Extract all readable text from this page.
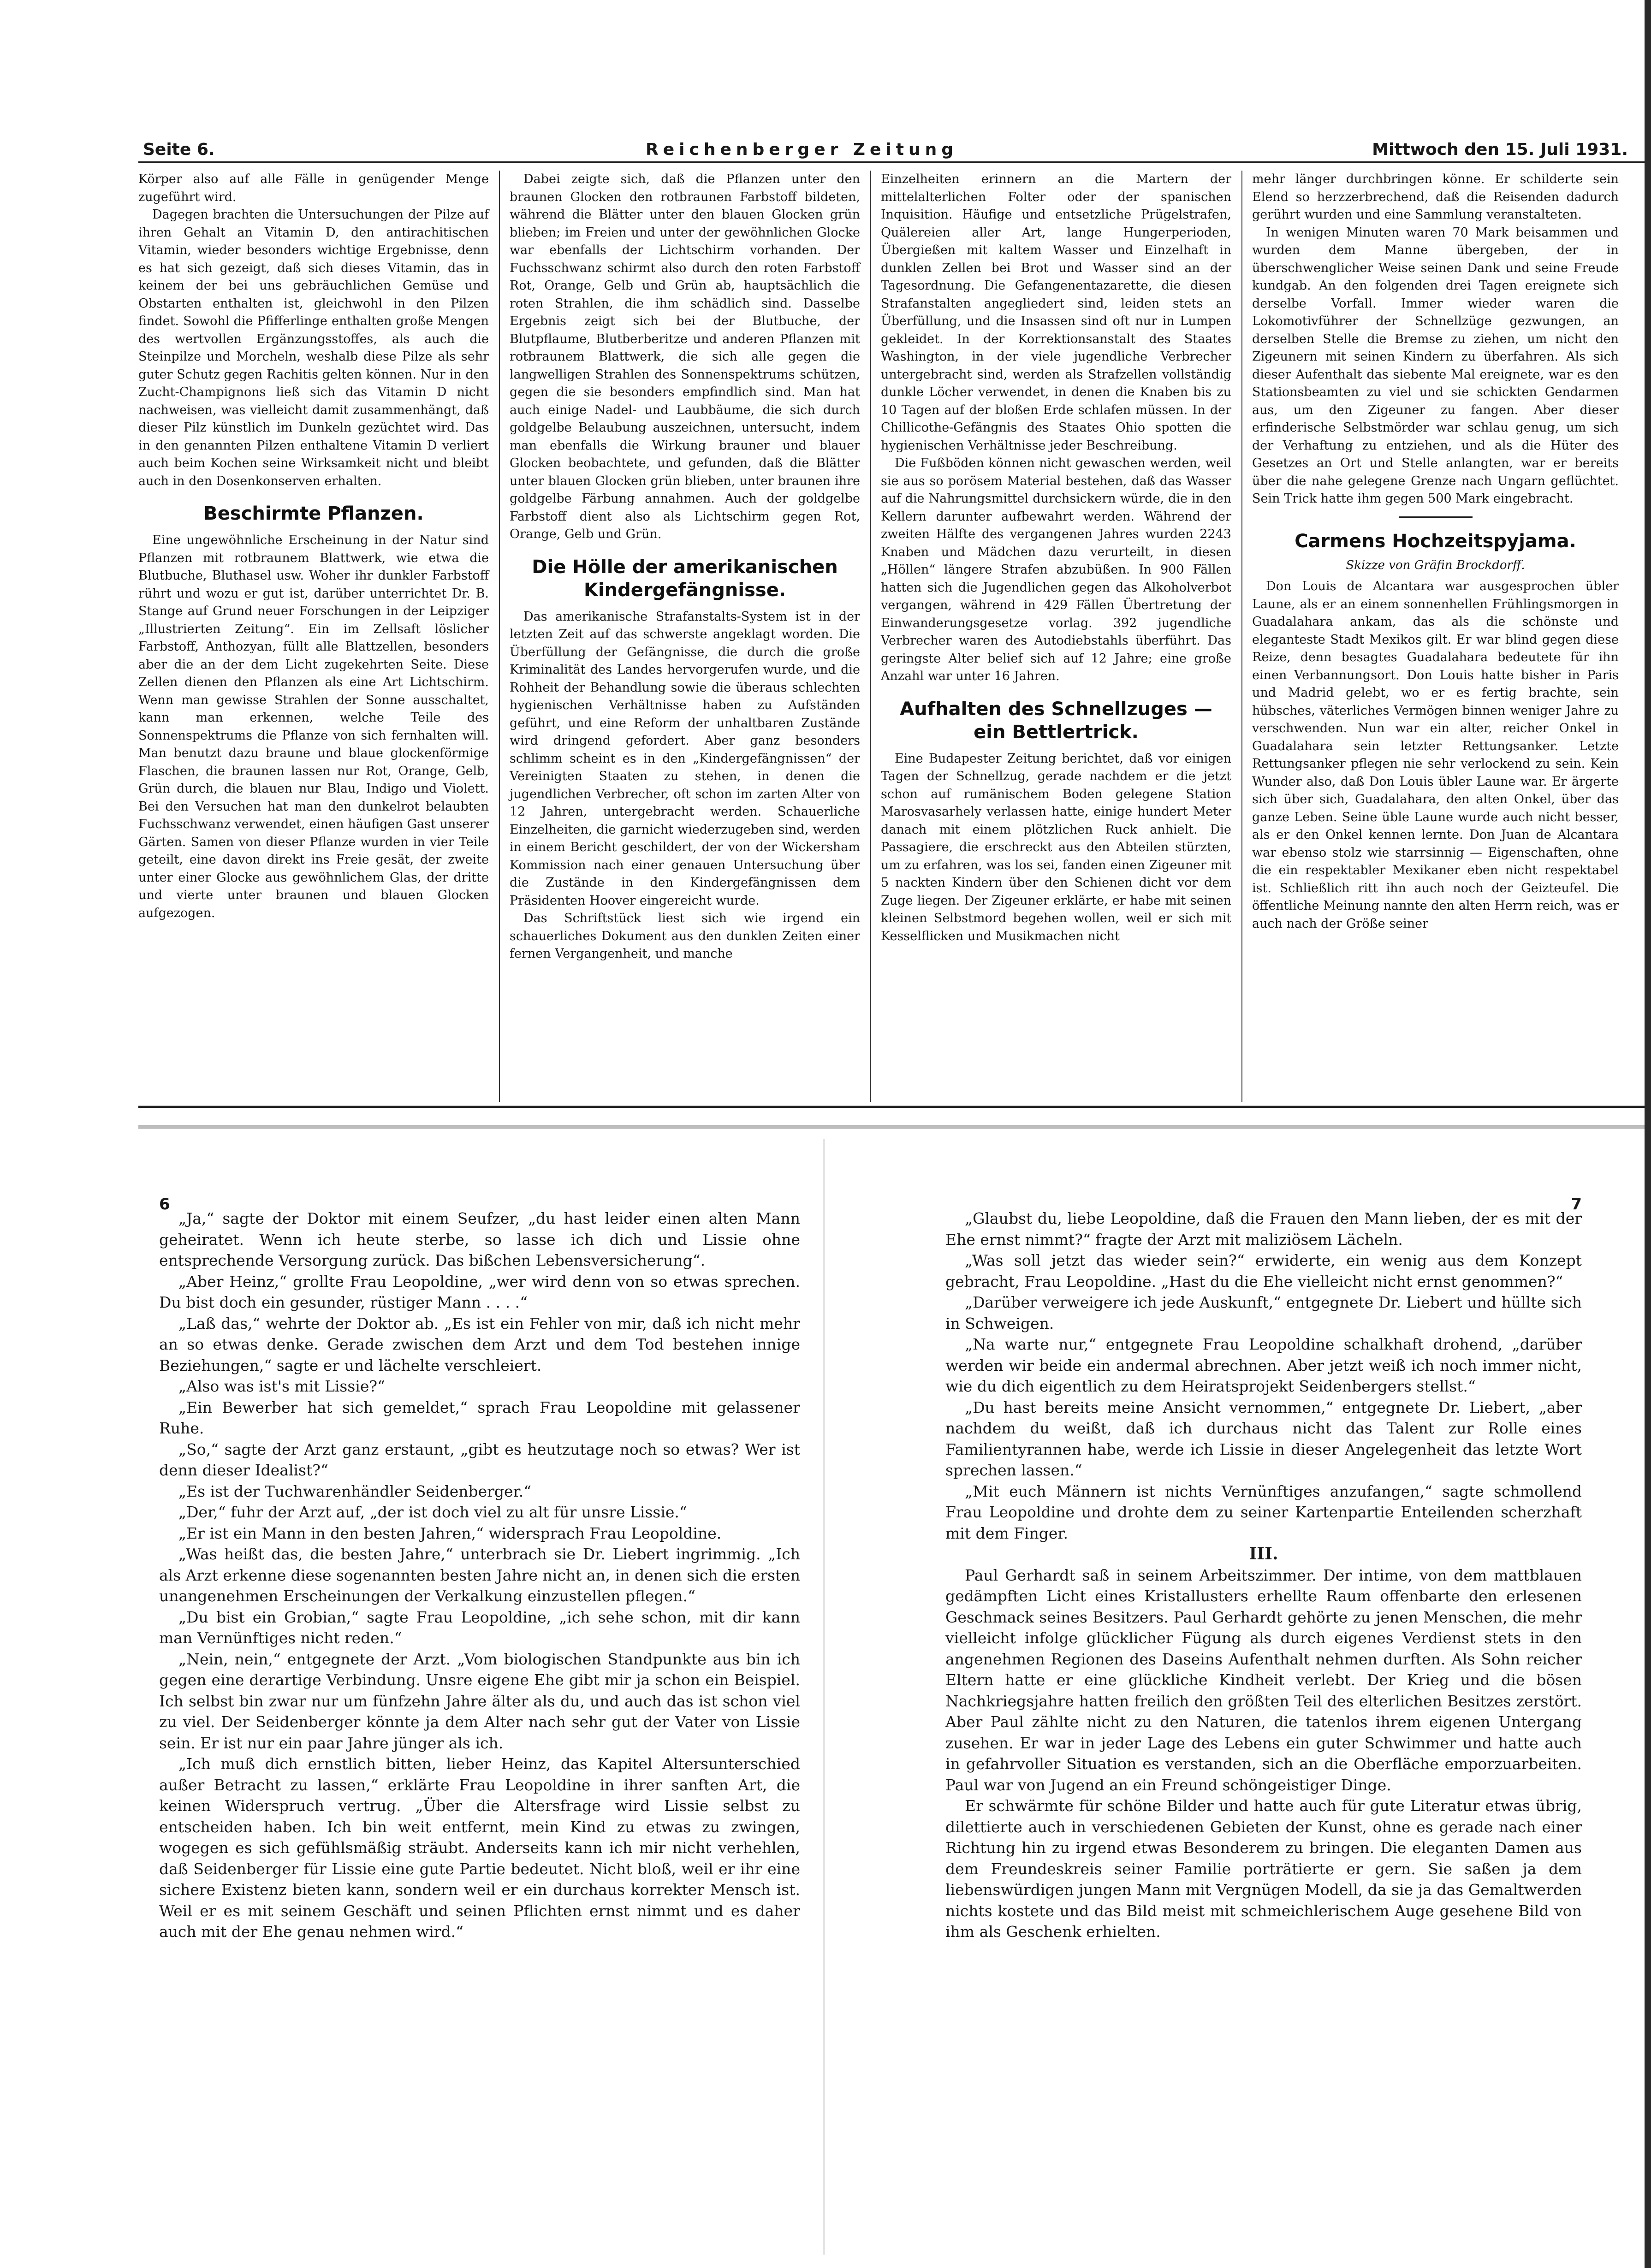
Seite 6.	Reichenberger Zeitung	Mittwoch den 15. Juli 1931.

Körper also auf alle Fälle in genügender Menge zugeführt wird.

Dagegen brachten die Untersuchungen der Pilze auf ihren Gehalt an Vitamin D, den antirachitischen Vitamin, wieder besonders wichtige Ergebnisse, denn es hat sich gezeigt, daß sich dieses Vitamin, das in keinem der bei uns gebräuchlichen Gemüse und Obstarten enthalten ist, gleichwohl in den Pilzen findet. Sowohl die Pfifferlinge enthalten große Mengen des wertvollen Ergänzungsstoffes, als auch die Steinpilze und Morcheln, weshalb diese Pilze als sehr guter Schutz gegen Rachitis gelten können. Nur in den Zucht-Champignons ließ sich das Vitamin D nicht nachweisen, was vielleicht damit zusammenhängt, daß dieser Pilz künstlich im Dunkeln gezüchtet wird. Das in den genannten Pilzen enthaltene Vitamin D verliert auch beim Kochen seine Wirksamkeit nicht und bleibt auch in den Dosenkonserven erhalten.

Beschirmte Pflanzen.

Eine ungewöhnliche Erscheinung in der Natur sind Pflanzen mit rotbraunem Blattwerk, wie etwa die Blutbuche, Bluthasel usw. Woher ihr dunkler Farbstoff rührt und wozu er gut ist, darüber unterrichtet Dr. B. Stange auf Grund neuer Forschungen in der Leipziger „Illustrierten Zeitung“. Ein im Zellsaft löslicher Farbstoff, Anthozyan, füllt alle Blattzellen, besonders aber die an der dem Licht zugekehrten Seite. Diese Zellen dienen den Pflanzen als eine Art Lichtschirm. Wenn man gewisse Strahlen der Sonne ausschaltet, kann man erkennen, welche Teile des Sonnenspektrums die Pflanze von sich fernhalten will. Man benutzt dazu braune und blaue glockenförmige Flaschen, die braunen lassen nur Rot, Orange, Gelb, Grün durch, die blauen nur Blau, Indigo und Violett. Bei den Versuchen hat man den dunkelrot belaubten Fuchsschwanz verwendet, einen häufigen Gast unserer Gärten. Samen von dieser Pflanze wurden in vier Teile geteilt, eine davon direkt ins Freie gesät, der zweite unter einer Glocke aus gewöhnlichem Glas, der dritte und vierte unter braunen und blauen Glocken aufgezogen.

Dabei zeigte sich, daß die Pflanzen unter den braunen Glocken den rotbraunen Farbstoff bildeten, während die Blätter unter den blauen Glocken grün blieben; im Freien und unter der gewöhnlichen Glocke war ebenfalls der Lichtschirm vorhanden. Der Fuchsschwanz schirmt also durch den roten Farbstoff Rot, Orange, Gelb und Grün ab, hauptsächlich die roten Strahlen, die ihm schädlich sind. Dasselbe Ergebnis zeigt sich bei der Blutbuche, der Blutpflaume, Blutberberitze und anderen Pflanzen mit rotbraunem Blattwerk, die sich alle gegen die langwelligen Strahlen des Sonnenspektrums schützen, gegen die sie besonders empfindlich sind. Man hat auch einige Nadel- und Laubbäume, die sich durch goldgelbe Belaubung auszeichnen, untersucht, indem man ebenfalls die Wirkung brauner und blauer Glocken beobachtete, und gefunden, daß die Blätter unter blauen Glocken grün blieben, unter braunen ihre goldgelbe Färbung annahmen. Auch der goldgelbe Farbstoff dient also als Lichtschirm gegen Rot, Orange, Gelb und Grün.

Die Hölle der amerikanischen Kindergefängnisse.

Das amerikanische Strafanstalts-System ist in der letzten Zeit auf das schwerste angeklagt worden. Die Überfüllung der Gefängnisse, die durch die große Kriminalität des Landes hervorgerufen wurde, und die Rohheit der Behandlung sowie die überaus schlechten hygienischen Verhältnisse haben zu Aufständen geführt, und eine Reform der unhaltbaren Zustände wird dringend gefordert. Aber ganz besonders schlimm scheint es in den „Kindergefängnissen“ der Vereinigten Staaten zu stehen, in denen die jugendlichen Verbrecher, oft schon im zarten Alter von 12 Jahren, untergebracht werden. Schauerliche Einzelheiten, die garnicht wiederzugeben sind, werden in einem Bericht geschildert, der von der Wickersham Kommission nach einer genauen Untersuchung über die Zustände in den Kindergefängnissen dem Präsidenten Hoover eingereicht wurde.

Das Schriftstück liest sich wie irgend ein schauerliches Dokument aus den dunklen Zeiten einer fernen Vergangenheit, und manche

Einzelheiten erinnern an die Martern der mittelalterlichen Folter oder der spanischen Inquisition. Häufige und entsetzliche Prügelstrafen, Quälereien aller Art, lange Hungerperioden, Übergießen mit kaltem Wasser und Einzelhaft in dunklen Zellen bei Brot und Wasser sind an der Tagesordnung. Die Gefangenentazarette, die diesen Strafanstalten angegliedert sind, leiden stets an Überfüllung, und die Insassen sind oft nur in Lumpen gekleidet. In der Korrektionsanstalt des Staates Washington, in der viele jugendliche Verbrecher untergebracht sind, werden als Strafzellen vollständig dunkle Löcher verwendet, in denen die Knaben bis zu 10 Tagen auf der bloßen Erde schlafen müssen. In der Chillicothe-Gefängnis des Staates Ohio spotten die hygienischen Verhältnisse jeder Beschreibung.

Die Fußböden können nicht gewaschen werden, weil sie aus so porösem Material bestehen, daß das Wasser auf die Nahrungsmittel durchsickern würde, die in den Kellern darunter aufbewahrt werden. Während der zweiten Hälfte des vergangenen Jahres wurden 2243 Knaben und Mädchen dazu verurteilt, in diesen „Höllen“ längere Strafen abzubüßen. In 900 Fällen hatten sich die Jugendlichen gegen das Alkoholverbot vergangen, während in 429 Fällen Übertretung der Einwanderungsgesetze vorlag. 392 jugendliche Verbrecher waren des Autodiebstahls überführt. Das geringste Alter belief sich auf 12 Jahre; eine große Anzahl war unter 16 Jahren.

Aufhalten des Schnellzuges — ein Bettlertrick.

Eine Budapester Zeitung berichtet, daß vor einigen Tagen der Schnellzug, gerade nachdem er die jetzt schon auf rumänischem Boden gelegene Station Marosvasarhely verlassen hatte, einige hundert Meter danach mit einem plötzlichen Ruck anhielt. Die Passagiere, die erschreckt aus den Abteilen stürzten, um zu erfahren, was los sei, fanden einen Zigeuner mit 5 nackten Kindern über den Schienen dicht vor dem Zuge liegen. Der Zigeuner erklärte, er habe mit seinen kleinen Selbstmord begehen wollen, weil er sich mit Kesselflicken und Musikmachen nicht

mehr länger durchbringen könne. Er schilderte sein Elend so herzzerbrechend, daß die Reisenden dadurch gerührt wurden und eine Sammlung veranstalteten.

In wenigen Minuten waren 70 Mark beisammen und wurden dem Manne übergeben, der in überschwenglicher Weise seinen Dank und seine Freude kundgab. An den folgenden drei Tagen ereignete sich derselbe Vorfall. Immer wieder waren die Lokomotivführer der Schnellzüge gezwungen, an derselben Stelle die Bremse zu ziehen, um nicht den Zigeunern mit seinen Kindern zu überfahren. Als sich dieser Aufenthalt das siebente Mal ereignete, war es den Stationsbeamten zu viel und sie schickten Gendarmen aus, um den Zigeuner zu fangen. Aber dieser erfinderische Selbstmörder war schlau genug, um sich der Verhaftung zu entziehen, und als die Hüter des Gesetzes an Ort und Stelle anlangten, war er bereits über die nahe gelegene Grenze nach Ungarn geflüchtet. Sein Trick hatte ihm gegen 500 Mark eingebracht.

Carmens Hochzeitspyjama.
Skizze von Gräfin Brockdorff.

Don Louis de Alcantara war ausgesprochen übler Laune, als er an einem sonnenhellen Frühlingsmorgen in Guadalahara ankam, das als die schönste und eleganteste Stadt Mexikos gilt. Er war blind gegen diese Reize, denn besagtes Guadalahara bedeutete für ihn einen Verbannungsort. Don Louis hatte bisher in Paris und Madrid gelebt, wo er es fertig brachte, sein hübsches, väterliches Vermögen binnen weniger Jahre zu verschwenden. Nun war ein alter, reicher Onkel in Guadalahara sein letzter Rettungsanker. Letzte Rettungsanker pflegen nie sehr verlockend zu sein. Kein Wunder also, daß Don Louis übler Laune war. Er ärgerte sich über sich, Guadalahara, den alten Onkel, über das ganze Leben. Seine üble Laune wurde auch nicht besser, als er den Onkel kennen lernte. Don Juan de Alcantara war ebenso stolz wie starrsinnig — Eigenschaften, ohne die ein respektabler Mexikaner eben nicht respektabel ist. Schließlich ritt ihn auch noch der Geizteufel. Die öffentliche Meinung nannte den alten Herrn reich, was er auch nach der Größe seiner

6

„Ja,“ sagte der Doktor mit einem Seufzer, „du hast leider einen alten Mann geheiratet. Wenn ich heute sterbe, so lasse ich dich und Lissie ohne entsprechende Versorgung zurück. Das bißchen Lebensversicherung“.

„Aber Heinz,“ grollte Frau Leopoldine, „wer wird denn von so etwas sprechen. Du bist doch ein gesunder, rüstiger Mann . . . .“

„Laß das,“ wehrte der Doktor ab. „Es ist ein Fehler von mir, daß ich nicht mehr an so etwas denke. Gerade zwischen dem Arzt und dem Tod bestehen innige Beziehungen,“ sagte er und lächelte verschleiert.

„Also was ist's mit Lissie?“

„Ein Bewerber hat sich gemeldet,“ sprach Frau Leopoldine mit gelassener Ruhe.

„So,“ sagte der Arzt ganz erstaunt, „gibt es heutzutage noch so etwas? Wer ist denn dieser Idealist?“

„Es ist der Tuchwarenhändler Seidenberger.“

„Der,“ fuhr der Arzt auf, „der ist doch viel zu alt für unsre Lissie.“

„Er ist ein Mann in den besten Jahren,“ widersprach Frau Leopoldine.

„Was heißt das, die besten Jahre,“ unterbrach sie Dr. Liebert ingrimmig. „Ich als Arzt erkenne diese sogenannten besten Jahre nicht an, in denen sich die ersten unangenehmen Erscheinungen der Verkalkung einzustellen pflegen.“

„Du bist ein Grobian,“ sagte Frau Leopoldine, „ich sehe schon, mit dir kann man Vernünftiges nicht reden.“

„Nein, nein,“ entgegnete der Arzt. „Vom biologischen Standpunkte aus bin ich gegen eine derartige Verbindung. Unsre eigene Ehe gibt mir ja schon ein Beispiel. Ich selbst bin zwar nur um fünfzehn Jahre älter als du, und auch das ist schon viel zu viel. Der Seidenberger könnte ja dem Alter nach sehr gut der Vater von Lissie sein. Er ist nur ein paar Jahre jünger als ich.

„Ich muß dich ernstlich bitten, lieber Heinz, das Kapitel Altersunterschied außer Betracht zu lassen,“ erklärte Frau Leopoldine in ihrer sanften Art, die keinen Widerspruch vertrug. „Über die Altersfrage wird Lissie selbst zu entscheiden haben. Ich bin weit entfernt, mein Kind zu etwas zu zwingen, wogegen es sich gefühlsmäßig sträubt. Anderseits kann ich mir nicht verhehlen, daß Seidenberger für Lissie eine gute Partie bedeutet. Nicht bloß, weil er ihr eine sichere Existenz bieten kann, sondern weil er ein durchaus korrekter Mensch ist. Weil er es mit seinem Geschäft und seinen Pflichten ernst nimmt und es daher auch mit der Ehe genau nehmen wird.“

7

„Glaubst du, liebe Leopoldine, daß die Frauen den Mann lieben, der es mit der Ehe ernst nimmt?“ fragte der Arzt mit maliziösem Lächeln.

„Was soll jetzt das wieder sein?“ erwiderte, ein wenig aus dem Konzept gebracht, Frau Leopoldine. „Hast du die Ehe vielleicht nicht ernst genommen?“

„Darüber verweigere ich jede Auskunft,“ entgegnete Dr. Liebert und hüllte sich in Schweigen.

„Na warte nur,“ entgegnete Frau Leopoldine schalkhaft drohend, „darüber werden wir beide ein andermal abrechnen. Aber jetzt weiß ich noch immer nicht, wie du dich eigentlich zu dem Heiratsprojekt Seidenbergers stellst.“

„Du hast bereits meine Ansicht vernommen,“ entgegnete Dr. Liebert, „aber nachdem du weißt, daß ich durchaus nicht das Talent zur Rolle eines Familientyrannen habe, werde ich Lissie in dieser Angelegenheit das letzte Wort sprechen lassen.“

„Mit euch Männern ist nichts Vernünftiges anzufangen,“ sagte schmollend Frau Leopoldine und drohte dem zu seiner Kartenpartie Enteilenden scherzhaft mit dem Finger.

III.

Paul Gerhardt saß in seinem Arbeitszimmer. Der intime, von dem mattblauen gedämpften Licht eines Kristallusters erhellte Raum offenbarte den erlesenen Geschmack seines Besitzers. Paul Gerhardt gehörte zu jenen Menschen, die mehr vielleicht infolge glücklicher Fügung als durch eigenes Verdienst stets in den angenehmen Regionen des Daseins Aufenthalt nehmen durften. Als Sohn reicher Eltern hatte er eine glückliche Kindheit verlebt. Der Krieg und die bösen Nachkriegsjahre hatten freilich den größten Teil des elterlichen Besitzes zerstört. Aber Paul zählte nicht zu den Naturen, die tatenlos ihrem eigenen Untergang zusehen. Er war in jeder Lage des Lebens ein guter Schwimmer und hatte auch in gefahrvoller Situation es verstanden, sich an die Oberfläche emporzuarbeiten. Paul war von Jugend an ein Freund schöngeistiger Dinge.

Er schwärmte für schöne Bilder und hatte auch für gute Literatur etwas übrig, dilettierte auch in verschiedenen Gebieten der Kunst, ohne es gerade nach einer Richtung hin zu irgend etwas Besonderem zu bringen. Die eleganten Damen aus dem Freundeskreis seiner Familie porträtierte er gern. Sie saßen ja dem liebenswürdigen jungen Mann mit Vergnügen Modell, da sie ja das Gemaltwerden nichts kostete und das Bild meist mit schmeichlerischem Auge gesehene Bild von ihm als Geschenk erhielten.
